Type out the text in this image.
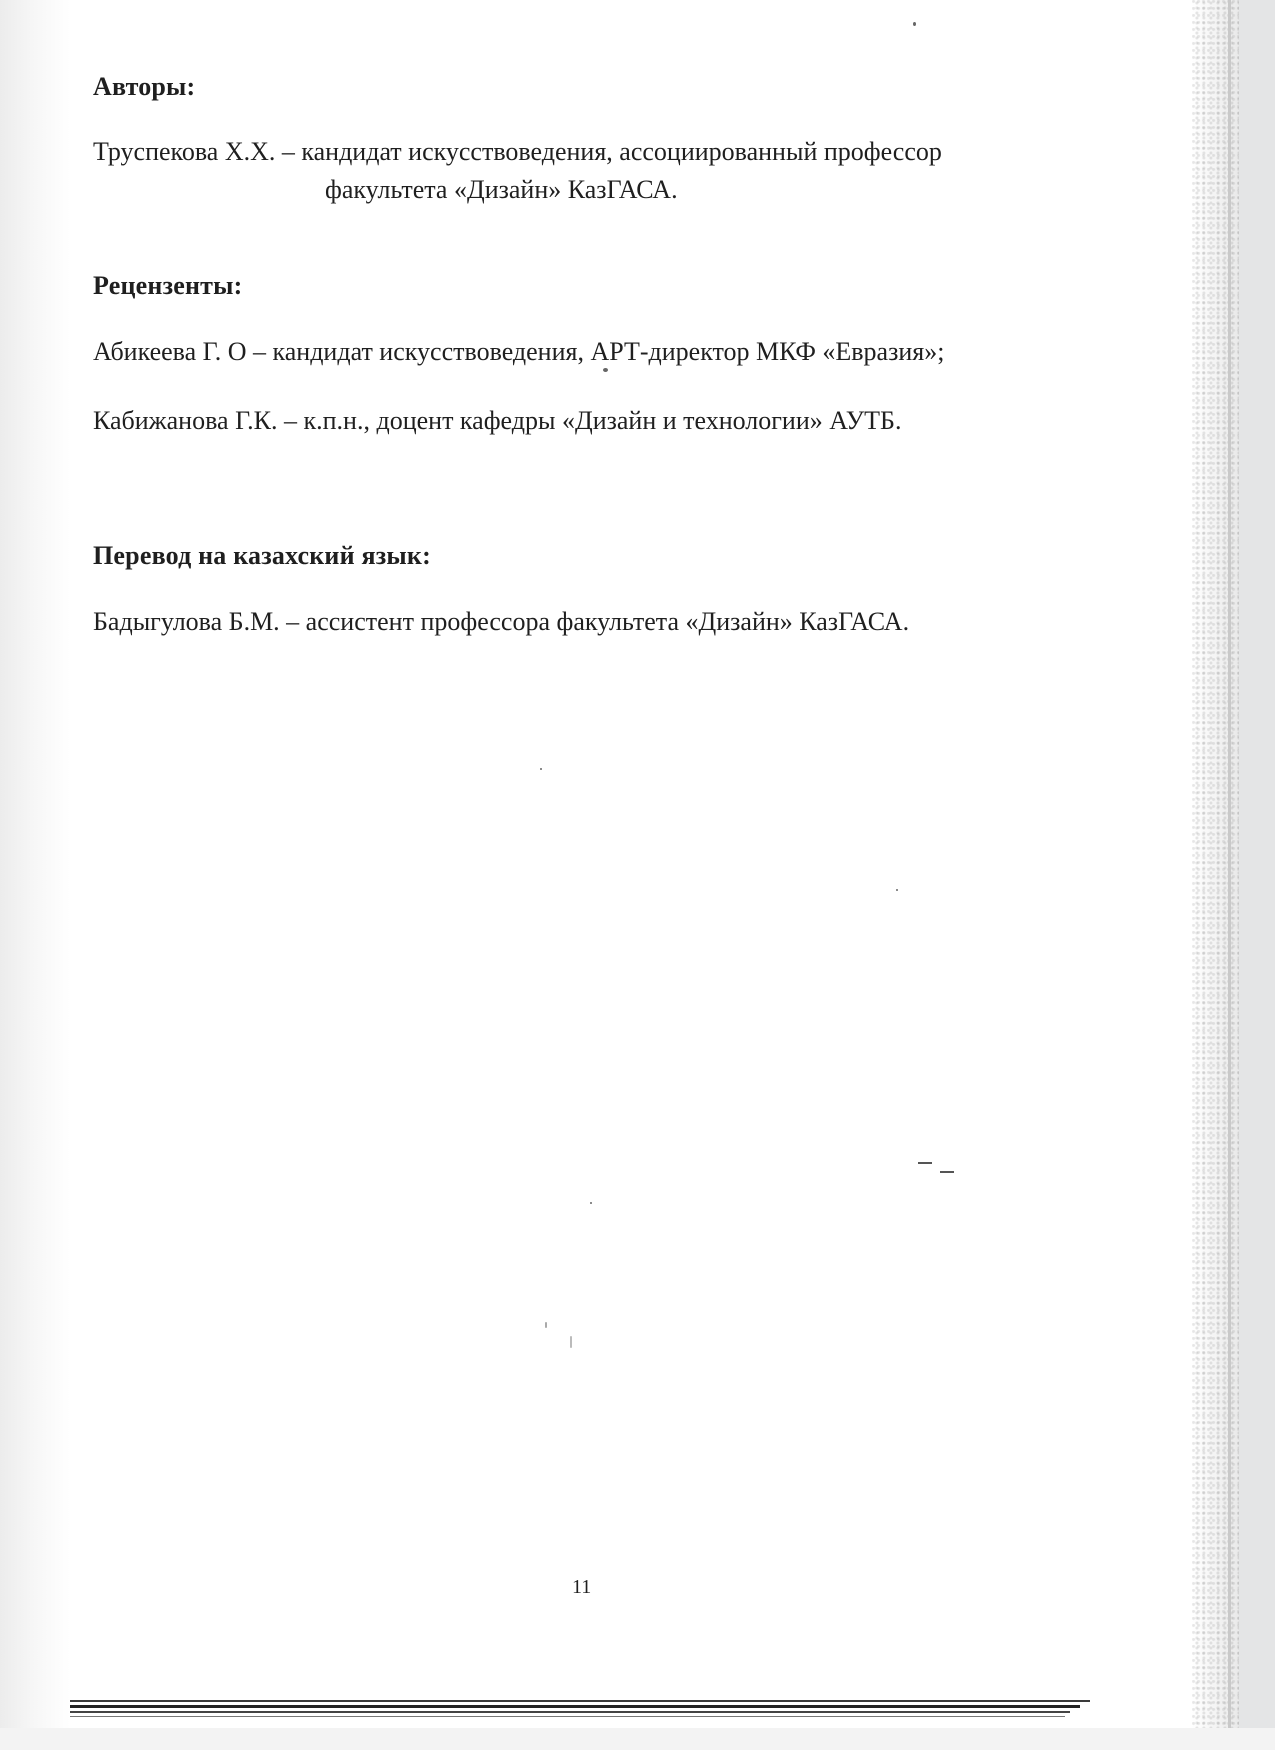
Авторы:
Труспекова Х.Х. – кандидат искусствоведения, ассоциированный профессор
факультета «Дизайн» КазГАСА.
Рецензенты:
Абикеева Г. О – кандидат искусствоведения, АРТ-директор МКФ «Евразия»;
Кабижанова Г.К. – к.п.н., доцент кафедры «Дизайн и технологии» АУТБ.
Перевод на казахский язык:
Бадыгулова Б.М. – ассистент профессора факультета «Дизайн» КазГАСА.
11
